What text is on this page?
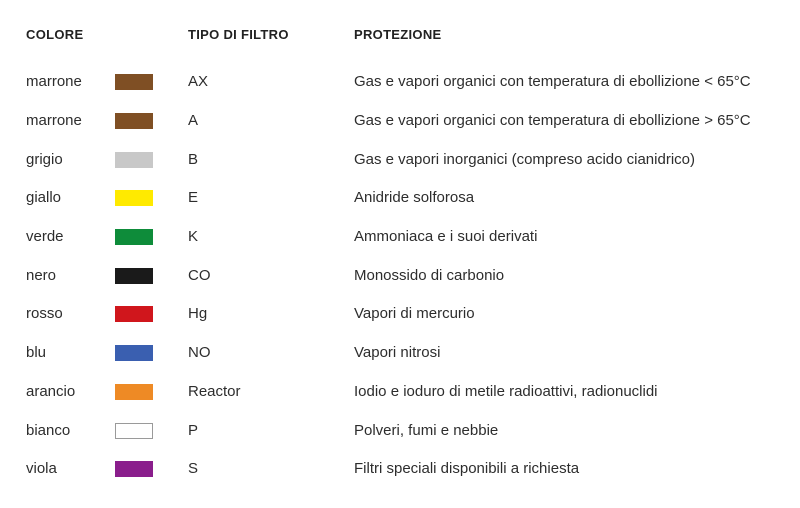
COLORE	TIPO DI FILTRO	PROTEZIONE
marrone	AX	Gas e vapori organici con temperatura di ebollizione < 65°C
marrone	A	Gas e vapori organici con temperatura di ebollizione > 65°C
grigio	B	Gas e vapori inorganici (compreso acido cianidrico)
giallo	E	Anidride solforosa
verde	K	Ammoniaca e i suoi derivati
nero	CO	Monossido di carbonio
rosso	Hg	Vapori di mercurio
blu	NO	Vapori nitrosi
arancio	Reactor	Iodio e ioduro di metile radioattivi, radionuclidi
bianco	P	Polveri, fumi e nebbie
viola	S	Filtri speciali disponibili a richiesta
